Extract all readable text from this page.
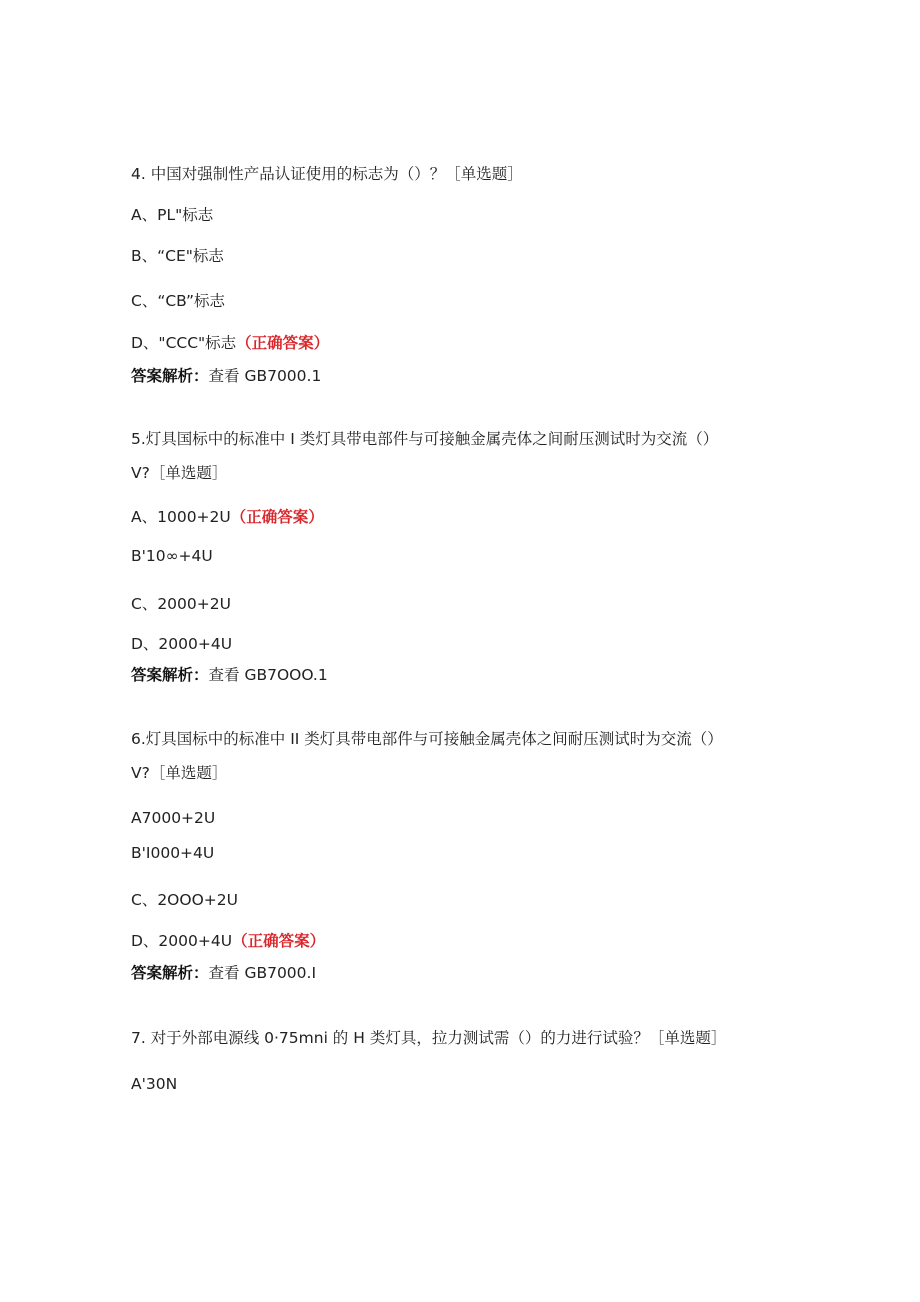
4. 中国对强制性产品认证使用的标志为（）？［单选题］
A、PL"标志
B、“CE"标志
C、“CB”标志
D、"CCC"标志（正确答案）
答案解析：查看 GB7000.1
5.灯具国标中的标准中 I 类灯具带电部件与可接触金属壳体之间耐压测试时为交流（）
V?［单选题］
A、1000+2U（正确答案）
B'10∞+4U
C、2000+2U
D、2000+4U
答案解析：查看 GB7OOO.1
6.灯具国标中的标准中 II 类灯具带电部件与可接触金属壳体之间耐压测试时为交流（）
V?［单选题］
A7000+2U
B'I000+4U
C、2OOO+2U
D、2000+4U（正确答案）
答案解析：查看 GB7000.I
7. 对于外部电源线 0·75mni 的 H 类灯具，拉力测试需（）的力进行试验？［单选题］
A'30N
